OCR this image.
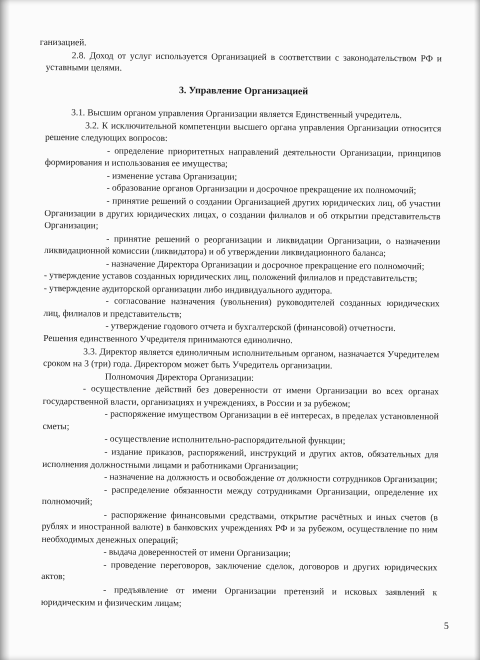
ганизацией.

2.8. Доход от услуг используется Организацией в соответствии с законодательством РФ и уставными целями.

3. Управление Организацией

3.1. Высшим органом управления Организации является Единственный учредитель.

3.2. К исключительной компетенции высшего органа управления Организации относится решение следующих вопросов:

- определение приоритетных направлений деятельности Организации, принципов формирования и использования ее имущества;

- изменение устава Организации;

- образование органов Организации и досрочное прекращение их полномочий;

- принятие решений о создании Организацией других юридических лиц, об участии Организации в других юридических лицах, о создании филиалов и об открытии представительств Организации;

- принятие решений о реорганизации и ликвидации Организации, о назначении ликвидационной комиссии (ликвидатора) и об утверждении ликвидационного баланса;

- назначение Директора Организации и досрочное прекращение его полномочий;

- утверждение уставов созданных юридических лиц, положений филиалов и представительств;

- утверждение аудиторской организации либо индивидуального аудитора.

- согласование назначения (увольнения) руководителей созданных юридических лиц, филиалов и представительств;

- утверждение годового отчета и бухгалтерской (финансовой) отчетности.

Решения единственного Учредителя принимаются единолично.

3.3. Директор является единоличным исполнительным органом, назначается Учредителем сроком на 3 (три) года. Директором может быть Учредитель организации.

Полномочия Директора Организации:

- осуществление действий без доверенности от имени Организации во всех органах государственной власти, организациях и учреждениях, в России и за рубежом;

- распоряжение имуществом Организации в её интересах, в пределах установленной сметы;

- осуществление исполнительно-распорядительной функции;

- издание приказов, распоряжений, инструкций и других актов, обязательных для исполнения должностными лицами и работниками Организации;

- назначение на должность и освобождение от должности сотрудников Организации;

- распределение обязанности между сотрудниками Организации, определение их полномочий;

- распоряжение финансовыми средствами, открытие расчётных и иных счетов (в рублях и иностранной валюте) в банковских учреждениях РФ и за рубежом, осуществление по ним необходимых денежных операций;

- выдача доверенностей от имени Организации;

- проведение переговоров, заключение сделок, договоров и других юридических актов;

- предъявление от имени Организации претензий и исковых заявлений к юридическим и физическим лицам;

5
